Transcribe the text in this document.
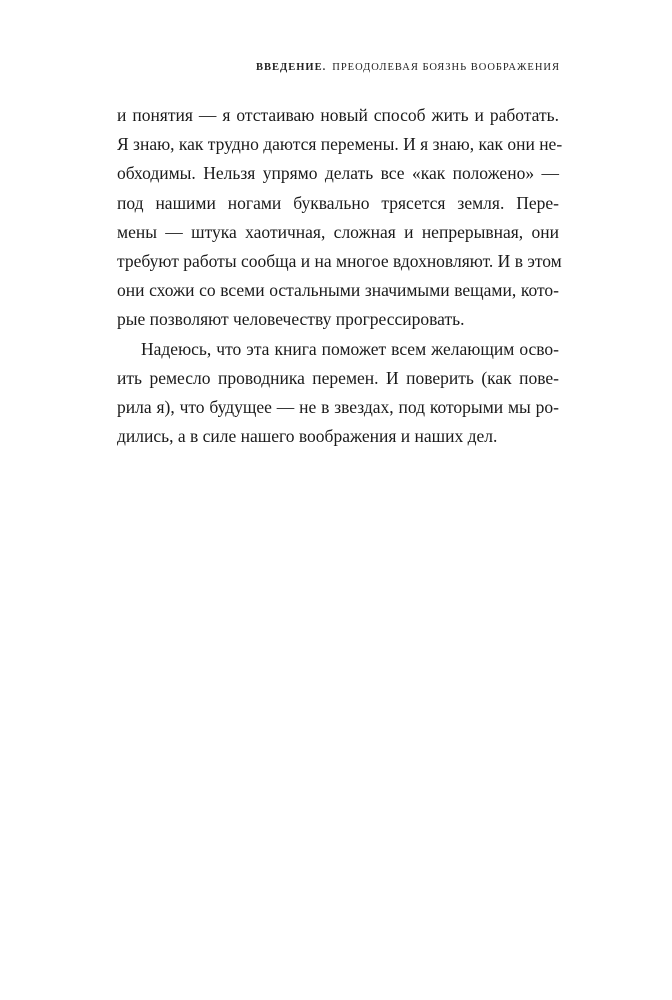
ВВЕДЕНИЕ. ПРЕОДОЛЕВАЯ БОЯЗНЬ ВООБРАЖЕНИЯ
и понятия — я отстаиваю новый способ жить и работать.
Я знаю, как трудно даются перемены. И я знаю, как они не-
обходимы. Нельзя упрямо делать все «как положено» —
под нашими ногами буквально трясется земля. Пере-
мены — штука хаотичная, сложная и непрерывная, они
требуют работы сообща и на многое вдохновляют. И в этом
они схожи со всеми остальными значимыми вещами, кото-
рые позволяют человечеству прогрессировать.
Надеюсь, что эта книга поможет всем желающим осво-
ить ремесло проводника перемен. И поверить (как пове-
рила я), что будущее — не в звездах, под которыми мы ро-
дились, а в силе нашего воображения и наших дел.
